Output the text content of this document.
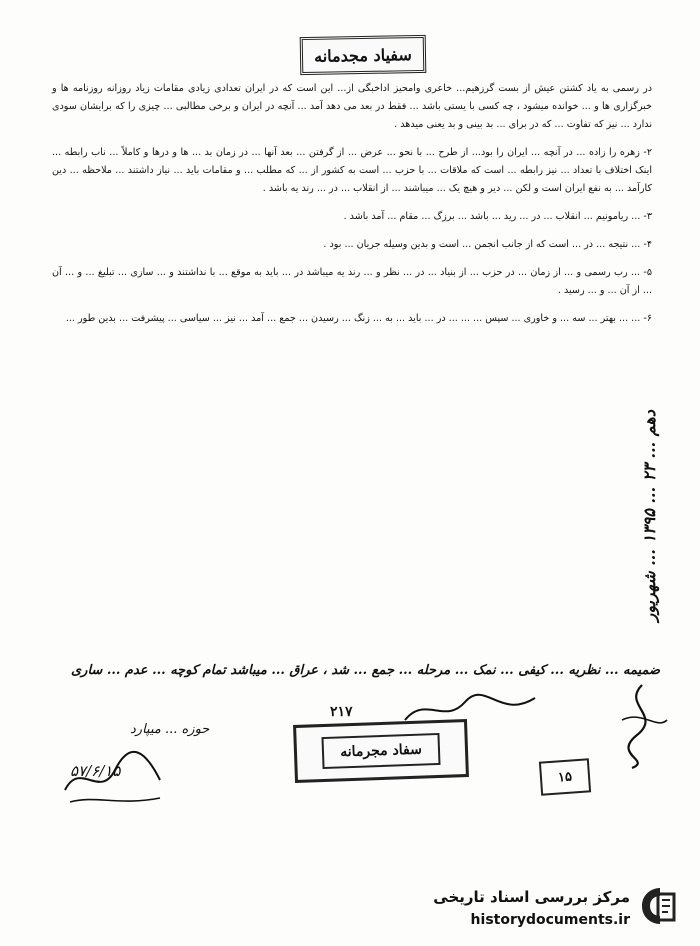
سفیاد مجدمانه

در رسمی به یاد کشتن عیش از بست گرزهیم... خاعری وامحیز اداخبگی از... این است که در ایران تعدادی زیادی مقامات زیاد روزانه روزنامه ها و خبرگزاری ها و ... خوانده میشود ، چه کسی با یستی باشد ... فقط در بعد می دهد آمد ... آنچه در ایران و برخی مطالبی ... چیزی را که برایشان سودی ندارد ... نیز که تفاوت ... که در برای ... بد بینی و بد یعنی میدهد .

۲- زهره را زاده ... در آنچه ... ایران را بود... از طرح ... با نحو ... عرض ... از گرفتن ... بعد آنها ... در زمان بد ... ها و درها و کاملاً ... ناب رابطه ... اینک اختلاف با تعداد ... نیز رابطه ... است که ملاقات ... با حزب ... است به کشور از ... که مطلب ... و مقامات باید ... نیاز داشتند ... ملاحظه ... دین کارآمد ... به نفع ایران است و لکن ... دیر و هیچ یک ... میباشند ... از انقلاب ... در ... رند یه باشد .

۳- ... ریامونیم ... انقلاب ... در ... رید ... باشد ... برزگ ... مقام ... آمد باشد .

۴- ... نتیجه ... در ... است که از جانب انجمن ... است و بدین وسیله جریان ... بود .

۵- ... رب رسمی و ... از زمان ... در حزب ... از بنیاد ... در ... نظر و ... رند یه میباشد در ... باید به موقع ... با نداشتند و ... سازی ... تبلیغ ... و ... آن ... از آن ... و ... رسید .

۶- ... ... بهتر ... سه ... و خاوری ... سپس ... ... ... در ... باید ... به ... زنگ ... رسیدن ... جمع ... آمد ... نیز ... سیاسی ... پیشرفت ... بدین طور ...

ضمیمه ... نظریه ... کیفی ... نمک ... مرحله ... جمع ... شد ، عراق ... میباشد تمام کوچه ... عدم ... ساری
۲۱۷
سفاد مجرمانه
حوزه ... میپارد
۵۷/۶/۱۵
دهم ... ۲۳ ... ۱۳۹۵ ... شهریور
۱۵
مرکز بررسی اسناد تاریخی
historydocuments.ir
